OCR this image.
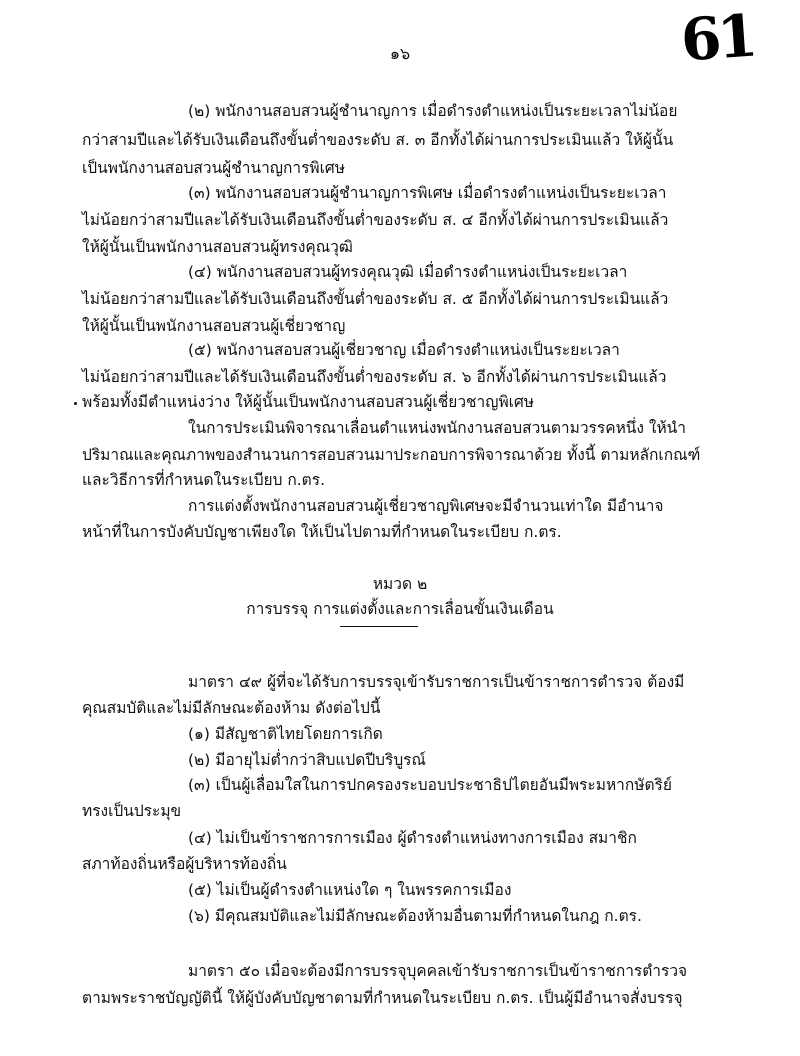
61
๑๖
(๒) พนักงานสอบสวนผู้ชำนาญการ เมื่อดำรงตำแหน่งเป็นระยะเวลาไม่น้อย
กว่าสามปีและได้รับเงินเดือนถึงขั้นต่ำของระดับ ส. ๓ อีกทั้งได้ผ่านการประเมินแล้ว ให้ผู้นั้น
เป็นพนักงานสอบสวนผู้ชำนาญการพิเศษ
(๓) พนักงานสอบสวนผู้ชำนาญการพิเศษ เมื่อดำรงตำแหน่งเป็นระยะเวลา
ไม่น้อยกว่าสามปีและได้รับเงินเดือนถึงขั้นต่ำของระดับ ส. ๔ อีกทั้งได้ผ่านการประเมินแล้ว
ให้ผู้นั้นเป็นพนักงานสอบสวนผู้ทรงคุณวุฒิ
(๔) พนักงานสอบสวนผู้ทรงคุณวุฒิ เมื่อดำรงตำแหน่งเป็นระยะเวลา
ไม่น้อยกว่าสามปีและได้รับเงินเดือนถึงขั้นต่ำของระดับ ส. ๕ อีกทั้งได้ผ่านการประเมินแล้ว
ให้ผู้นั้นเป็นพนักงานสอบสวนผู้เชี่ยวชาญ
(๕) พนักงานสอบสวนผู้เชี่ยวชาญ เมื่อดำรงตำแหน่งเป็นระยะเวลา
ไม่น้อยกว่าสามปีและได้รับเงินเดือนถึงขั้นต่ำของระดับ ส. ๖ อีกทั้งได้ผ่านการประเมินแล้ว
พร้อมทั้งมีตำแหน่งว่าง ให้ผู้นั้นเป็นพนักงานสอบสวนผู้เชี่ยวชาญพิเศษ
ในการประเมินพิจารณาเลื่อนตำแหน่งพนักงานสอบสวนตามวรรคหนึ่ง ให้นำ
ปริมาณและคุณภาพของสำนวนการสอบสวนมาประกอบการพิจารณาด้วย ทั้งนี้ ตามหลักเกณฑ์
และวิธีการที่กำหนดในระเบียบ ก.ตร.
การแต่งตั้งพนักงานสอบสวนผู้เชี่ยวชาญพิเศษจะมีจำนวนเท่าใด มีอำนาจ
หน้าที่ในการบังคับบัญชาเพียงใด ให้เป็นไปตามที่กำหนดในระเบียบ ก.ตร.
หมวด ๒
การบรรจุ การแต่งตั้งและการเลื่อนขั้นเงินเดือน
มาตรา ๔๙ ผู้ที่จะได้รับการบรรจุเข้ารับราชการเป็นข้าราชการตำรวจ ต้องมี
คุณสมบัติและไม่มีลักษณะต้องห้าม ดังต่อไปนี้
(๑) มีสัญชาติไทยโดยการเกิด
(๒) มีอายุไม่ต่ำกว่าสิบแปดปีบริบูรณ์
(๓) เป็นผู้เลื่อมใสในการปกครองระบอบประชาธิปไตยอันมีพระมหากษัตริย์
ทรงเป็นประมุข
(๔) ไม่เป็นข้าราชการการเมือง ผู้ดำรงตำแหน่งทางการเมือง สมาชิก
สภาท้องถิ่นหรือผู้บริหารท้องถิ่น
(๕) ไม่เป็นผู้ดำรงตำแหน่งใด ๆ ในพรรคการเมือง
(๖) มีคุณสมบัติและไม่มีลักษณะต้องห้ามอื่นตามที่กำหนดในกฎ ก.ตร.
มาตรา ๕๐ เมื่อจะต้องมีการบรรจุบุคคลเข้ารับราชการเป็นข้าราชการตำรวจ
ตามพระราชบัญญัตินี้ ให้ผู้บังคับบัญชาตามที่กำหนดในระเบียบ ก.ตร. เป็นผู้มีอำนาจสั่งบรรจุ
